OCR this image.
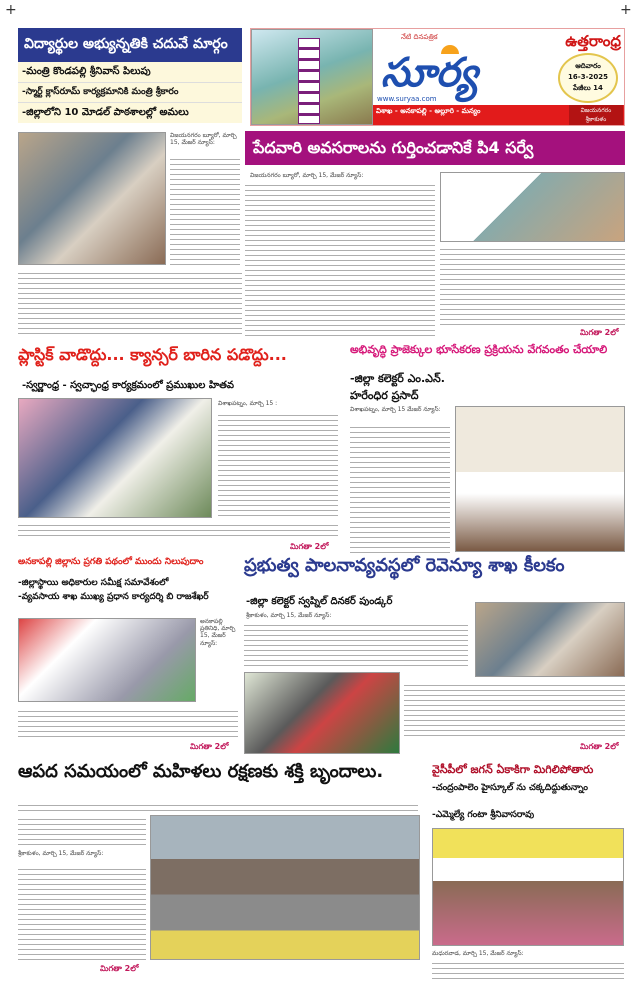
+	+
విద్యార్థుల అభ్యున్నతికి చదువే మార్గం
-మంత్రి కొండపల్లి శ్రీనివాస్ పిలుపు
-స్మార్ట్ క్లాస్‌రూమ్ కార్యక్రమానికి మంత్రి శ్రీకారం
-జిల్లాలోని 10 మోడల్ పాఠశాలల్లో అమలు
విజయనగరం బ్యూరో, మార్చి 15, మేజర్ న్యూస్:
నేటి దినపత్రిక
సూర్య
ఉత్తరాంధ్ర
ఆదివారం
16-3-2025
పేజీలు 14
www.suryaa.com
విశాఖ - అనకాపల్లి - అల్లూరి - మన్యం	విజయనగరం
శ్రీకాకుళం
పేదవారి అవసరాలను గుర్తించడానికే పి4 సర్వే
విజయనగరం బ్యూరో, మార్చి 15, మేజర్ న్యూస్:
మిగతా 2లో
ప్లాస్టిక్ వాడొద్దు... క్యాన్సర్ బారిన పడొద్దు...
-స్వర్ణాంధ్ర - స్వచ్ఛాంధ్ర కార్యక్రమంలో ప్రముఖుల హితవ
విశాఖపట్నం, మార్చి 15 :
మిగతా 2లో
అభివృద్ధి ప్రాజెక్కుల భూసేకరణ ప్రక్రియను వేగవంతం చేయాలి
-జిల్లా కలెక్టర్ ఎం.ఎన్.
హరేంధిర ప్రసాద్
విశాఖపట్నం, మార్చి 15 మేజర్ న్యూస్:
అనకాపల్లి జిల్లాను ప్రగతి పథంలో ముందు నిలుపుదాం
-జిల్లాస్థాయి అధికారుల సమీక్ష సమావేశంలో
-వ్యవసాయ శాఖ ముఖ్య ప్రధాన కార్యదర్శి బి రాజశేఖర్
అనకాపల్లి ప్రతినిధి, మార్చి 15, మేజర్ న్యూస్:
మిగతా 2లో
ప్రభుత్వ పాలనావ్యవస్థలో రెవెన్యూ శాఖ కీలకం
-జిల్లా కలెక్టర్ స్వప్నిల్ దినకర్ పుండ్కర్
శ్రీకాకుళం, మార్చి 15, మేజర్ న్యూస్:
మిగతా 2లో
ఆపద సమయంలో మహిళలు రక్షణకు శక్తి బృందాలు.
శ్రీకాకుళం, మార్చి 15, మేజర్ న్యూస్:
మిగతా 2లో
వైసీపీలో జగన్ ఏకాకిగా మిగిలిపోతారు
-చంద్రంపాలెం హైస్కూల్ ను చక్కదిద్దుతున్నాం
-ఎమ్మెల్యే గంటా శ్రీనివాసరావు
మధురవాడ, మార్చి 15, మేజర్ న్యూస్:
